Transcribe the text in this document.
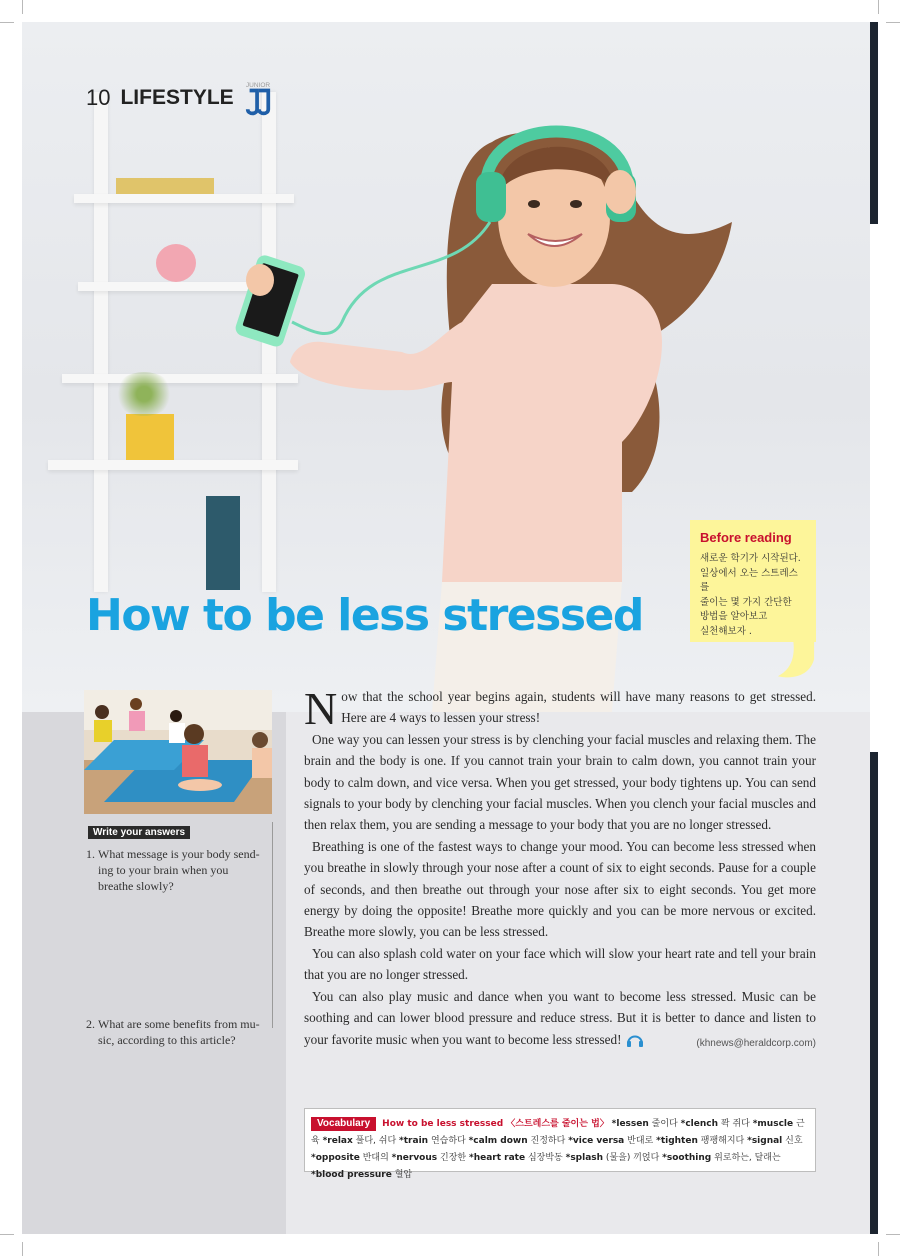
10 LIFESTYLE
JUNIOR
How to be less stressed
Before reading

새로운 학기가 시작된다.
일상에서 오는 스트레스를
줄이는 몇 가지 간단한
방법을 알아보고
실천해보자 .

Write your answers
1. What message is your body send-ing to your brain when you breathe slowly?
2. What are some benefits from mu-sic, according to this article?

Now that the school year begins again, students will have many reasons to get stressed. Here are 4 ways to lessen your stress!

One way you can lessen your stress is by clenching your facial muscles and relaxing them. The brain and the body is one. If you cannot train your brain to calm down, you cannot train your body to calm down, and vice versa. When you get stressed, your body tightens up. You can send signals to your body by clenching your facial muscles. When you clench your facial muscles and then relax them, you are sending a message to your body that you are no longer stressed.

Breathing is one of the fastest ways to change your mood. You can become less stressed when you breathe in slowly through your nose after a count of six to eight seconds. Pause for a couple of seconds, and then breathe out through your nose after six to eight seconds. You get more energy by doing the opposite! Breathe more quickly and you can be more nervous or excited. Breathe more slowly, you can be less stressed.

You can also splash cold water on your face which will slow your heart rate and tell your brain that you are no longer stressed.

You can also play music and dance when you want to become less stressed. Music can be soothing and can lower blood pressure and reduce stress. But it is better to dance and listen to your favorite music when you want to become less stressed!	(khnews@heraldcorp.com)

Vocabulary How to be less stressed 〈스트레스를 줄이는 법〉 *lessen 줄이다 *clench 꽉 쥐다 *muscle 근육 *relax 풀다, 쉬다 *train 연습하다 *calm down 진정하다 *vice versa 반대로 *tighten 팽팽해지다 *signal 신호 *opposite 반대의 *nervous 긴장한 *heart rate 심장박동 *splash (물을) 끼얹다 *soothing 위로하는, 달래는 *blood pressure 혈압
